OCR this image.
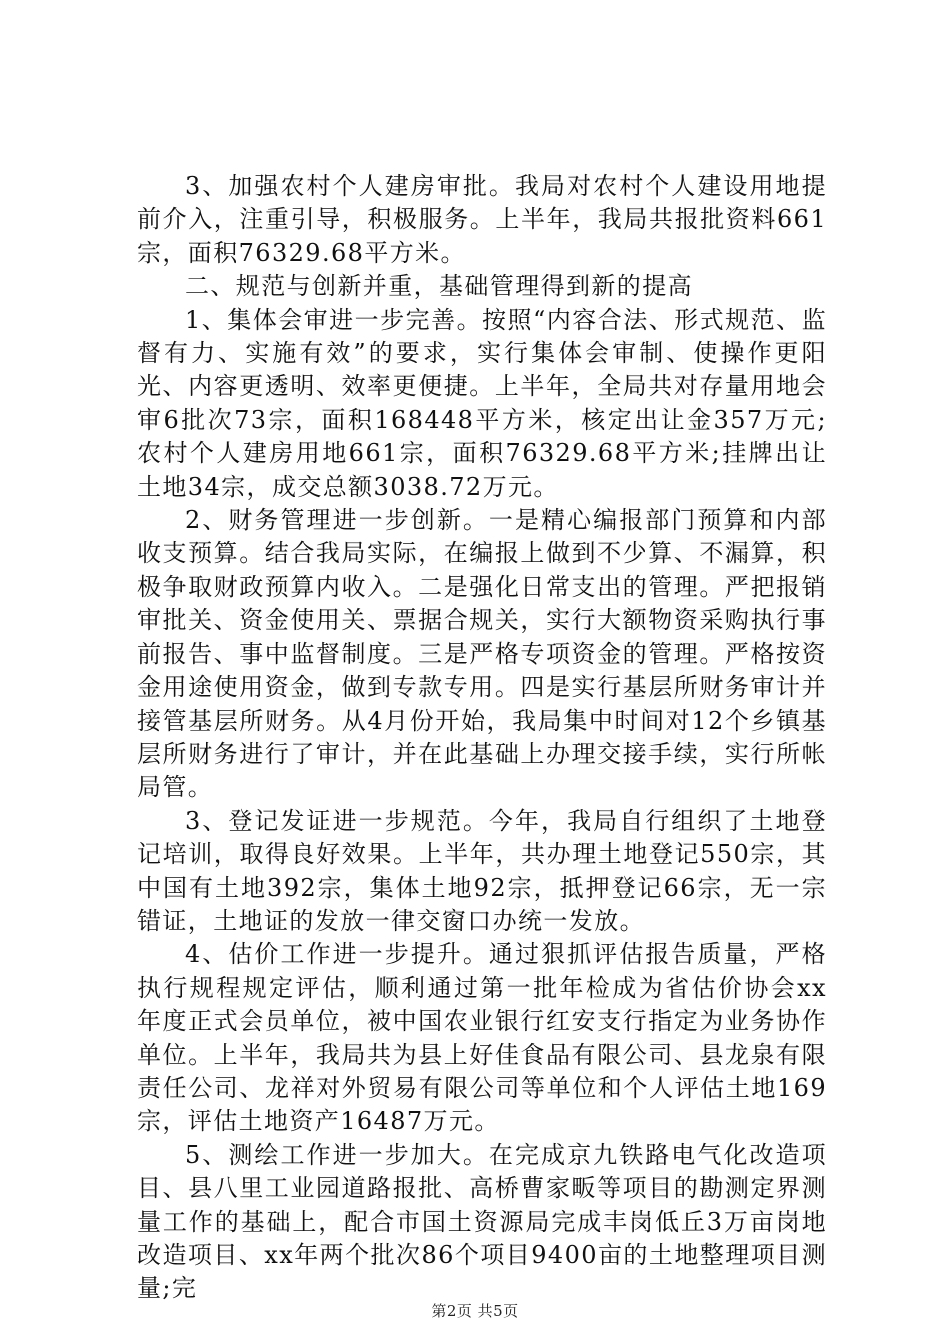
3、加强农村个人建房审批。我局对农村个人建设用地提前介入，注重引导，积极服务。上半年，我局共报批资料661宗，面积76329.68平方米。

二、规范与创新并重，基础管理得到新的提高

1、集体会审进一步完善。按照“内容合法、形式规范、监督有力、实施有效”的要求，实行集体会审制、使操作更阳光、内容更透明、效率更便捷。上半年，全局共对存量用地会审6批次73宗，面积168448平方米，核定出让金357万元;农村个人建房用地661宗，面积76329.68平方米;挂牌出让土地34宗，成交总额3038.72万元。

2、财务管理进一步创新。一是精心编报部门预算和内部收支预算。结合我局实际，在编报上做到不少算、不漏算，积极争取财政预算内收入。二是强化日常支出的管理。严把报销审批关、资金使用关、票据合规关，实行大额物资采购执行事前报告、事中监督制度。三是严格专项资金的管理。严格按资金用途使用资金，做到专款专用。四是实行基层所财务审计并接管基层所财务。从4月份开始，我局集中时间对12个乡镇基层所财务进行了审计，并在此基础上办理交接手续，实行所帐局管。

3、登记发证进一步规范。今年，我局自行组织了土地登记培训，取得良好效果。上半年，共办理土地登记550宗，其中国有土地392宗，集体土地92宗，抵押登记66宗，无一宗错证，土地证的发放一律交窗口办统一发放。

4、估价工作进一步提升。通过狠抓评估报告质量，严格执行规程规定评估，顺利通过第一批年检成为省估价协会xx年度正式会员单位，被中国农业银行红安支行指定为业务协作单位。上半年，我局共为县上好佳食品有限公司、县龙泉有限责任公司、龙祥对外贸易有限公司等单位和个人评估土地169宗，评估土地资产16487万元。

5、测绘工作进一步加大。在完成京九铁路电气化改造项目、县八里工业园道路报批、高桥曹家畈等项目的勘测定界测量工作的基础上，配合市国土资源局完成丰岗低丘3万亩岗地改造项目、xx年两个批次86个项目9400亩的土地整理项目测量;完

第2页 共5页
